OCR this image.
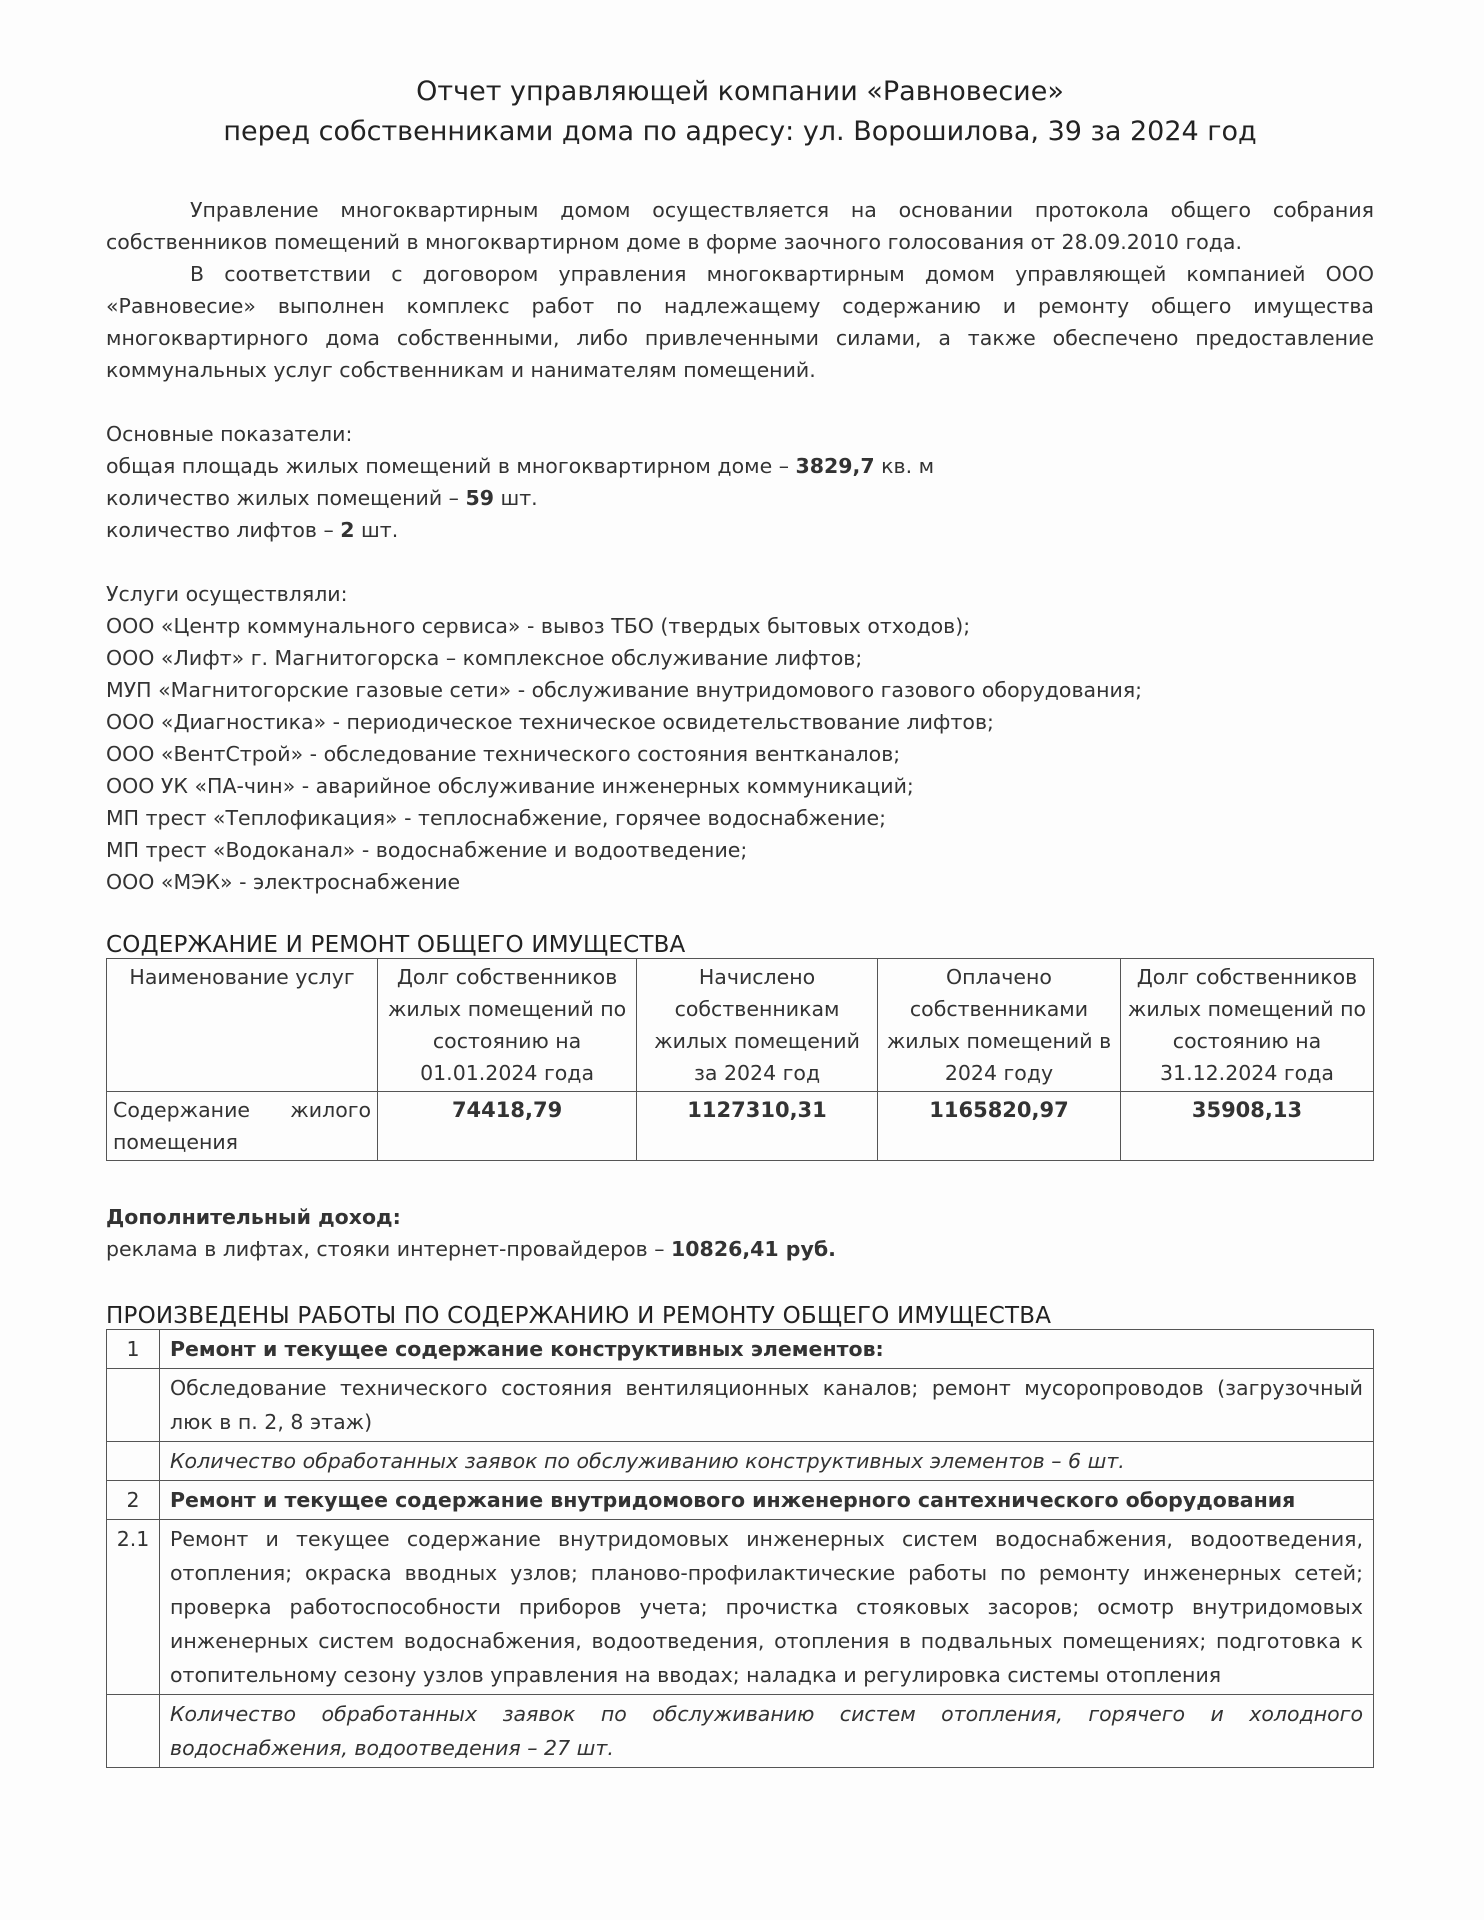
Отчет управляющей компании «Равновесие»
перед собственниками дома по адресу: ул. Ворошилова, 39 за 2024 год

Управление многоквартирным домом осуществляется на основании протокола общего собрания собственников помещений в многоквартирном доме в форме заочного голосования от 28.09.2010 года.

В соответствии с договором управления многоквартирным домом управляющей компанией ООО «Равновесие» выполнен комплекс работ по надлежащему содержанию и ремонту общего имущества многоквартирного дома собственными, либо привлеченными силами, а также обеспечено предоставление коммунальных услуг собственникам и нанимателям помещений.

Основные показатели:

общая площадь жилых помещений в многоквартирном доме – 3829,7 кв. м

количество жилых помещений – 59 шт.

количество лифтов – 2 шт.

Услуги осуществляли:

ООО «Центр коммунального сервиса» - вывоз ТБО (твердых бытовых отходов);

ООО «Лифт» г. Магнитогорска – комплексное обслуживание лифтов;

МУП «Магнитогорские газовые сети» - обслуживание внутридомового газового оборудования;

ООО «Диагностика» - периодическое техническое освидетельствование лифтов;

ООО «ВентСтрой» - обследование технического состояния вентканалов;

ООО УК «ПА-чин» - аварийное обслуживание инженерных коммуникаций;

МП трест «Теплофикация» - теплоснабжение, горячее водоснабжение;

МП трест «Водоканал» - водоснабжение и водоотведение;

ООО «МЭК» - электроснабжение

СОДЕРЖАНИЕ И РЕМОНТ ОБЩЕГО ИМУЩЕСТВА
Наименование услуг	Долг собственников жилых помещений по состоянию на 01.01.2024 года	Начислено собственникам жилых помещений за 2024 год	Оплачено собственниками жилых помещений в 2024 году	Долг собственников жилых помещений по состоянию на 31.12.2024 года
Содержание жилого помещения	74418,79	1127310,31	1165820,97	35908,13

Дополнительный доход:

реклама в лифтах, стояки интернет-провайдеров – 10826,41 руб.

ПРОИЗВЕДЕНЫ РАБОТЫ ПО СОДЕРЖАНИЮ И РЕМОНТУ ОБЩЕГО ИМУЩЕСТВА
1	Ремонт и текущее содержание конструктивных элементов:
	Обследование технического состояния вентиляционных каналов; ремонт мусоропроводов (загрузочный люк в п. 2, 8 этаж)
	Количество обработанных заявок по обслуживанию конструктивных элементов – 6 шт.
2	Ремонт и текущее содержание внутридомового инженерного сантехнического оборудования
2.1	Ремонт и текущее содержание внутридомовых инженерных систем водоснабжения, водоотведения, отопления; окраска вводных узлов; планово-профилактические работы по ремонту инженерных сетей; проверка работоспособности приборов учета; прочистка стояковых засоров; осмотр внутридомовых инженерных систем водоснабжения, водоотведения, отопления в подвальных помещениях; подготовка к отопительному сезону узлов управления на вводах; наладка и регулировка системы отопления
	Количество обработанных заявок по обслуживанию систем отопления, горячего и холодного водоснабжения, водоотведения – 27 шт.
